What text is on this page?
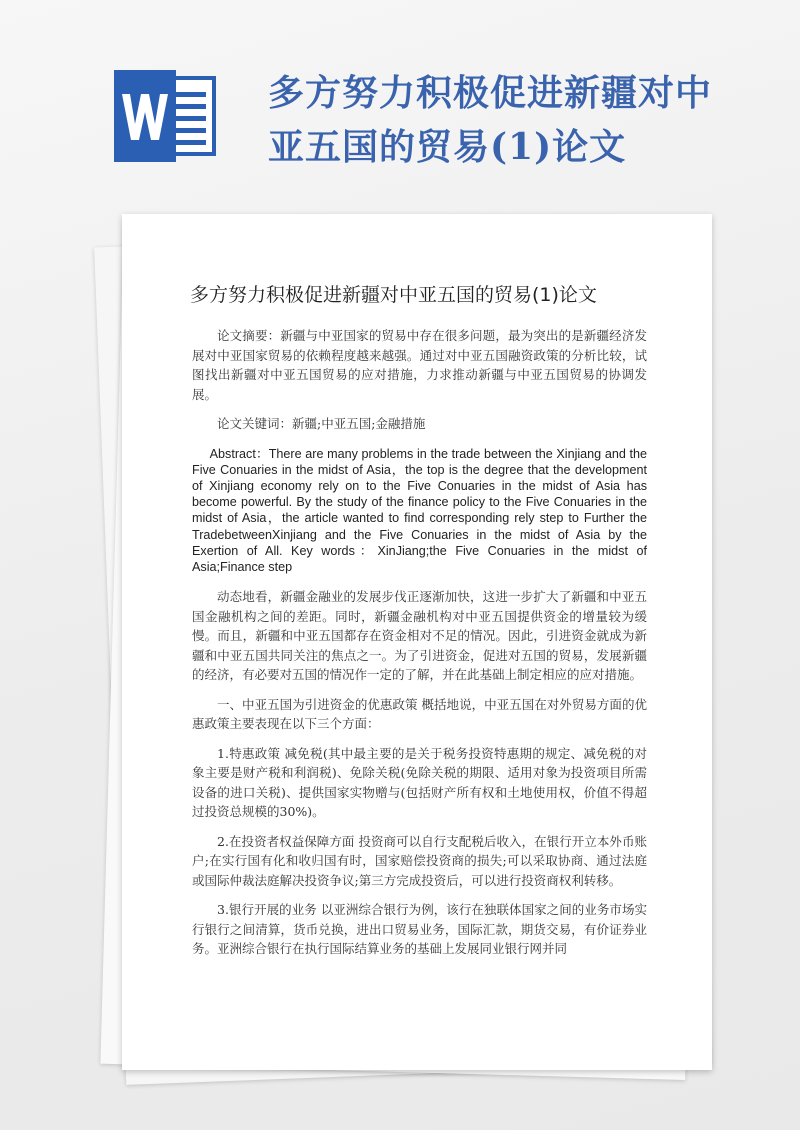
多方努力积极促进新疆对中亚五国的贸易(1)论文
多方努力积极促进新疆对中亚五国的贸易(1)论文

论文摘要：新疆与中亚国家的贸易中存在很多问题，最为突出的是新疆经济发展对中亚国家贸易的依赖程度越来越强。通过对中亚五国融资政策的分析比较，试图找出新疆对中亚五国贸易的应对措施，力求推动新疆与中亚五国贸易的协调发展。

论文关键词：新疆;中亚五国;金融措施

Abstract：There are many problems in the trade between the Xinjiang and the Five Conuaries in the midst of Asia，the top is the degree that the development of Xinjiang economy rely on to the Five Conuaries in the midst of Asia has become powerful. By the study of the finance policy to the Five Conuaries in the midst of Asia，the article wanted to find corresponding rely step to Further the TradebetweenXinjiang and the Five Conuaries in the midst of Asia by the Exertion of All. Key words：XinJiang;the Five Conuaries in the midst of Asia;Finance step

动态地看，新疆金融业的发展步伐正逐渐加快，这进一步扩大了新疆和中亚五国金融机构之间的差距。同时，新疆金融机构对中亚五国提供资金的增量较为缓慢。而且，新疆和中亚五国都存在资金相对不足的情况。因此，引进资金就成为新疆和中亚五国共同关注的焦点之一。为了引进资金，促进对五国的贸易，发展新疆的经济，有必要对五国的情况作一定的了解，并在此基础上制定相应的应对措施。

一、中亚五国为引进资金的优惠政策 概括地说，中亚五国在对外贸易方面的优惠政策主要表现在以下三个方面：

1.特惠政策 减免税(其中最主要的是关于税务投资特惠期的规定、减免税的对象主要是财产税和利润税)、免除关税(免除关税的期限、适用对象为投资项目所需设备的进口关税)、提供国家实物赠与(包括财产所有权和土地使用权，价值不得超过投资总规模的30%)。

2.在投资者权益保障方面 投资商可以自行支配税后收入，在银行开立本外币账户;在实行国有化和收归国有时，国家赔偿投资商的损失;可以采取协商、通过法庭或国际仲裁法庭解决投资争议;第三方完成投资后，可以进行投资商权利转移。

3.银行开展的业务 以亚洲综合银行为例，该行在独联体国家之间的业务市场实行银行之间清算，货币兑换，进出口贸易业务，国际汇款，期货交易，有价证券业务。亚洲综合银行在执行国际结算业务的基础上发展同业银行网并同
